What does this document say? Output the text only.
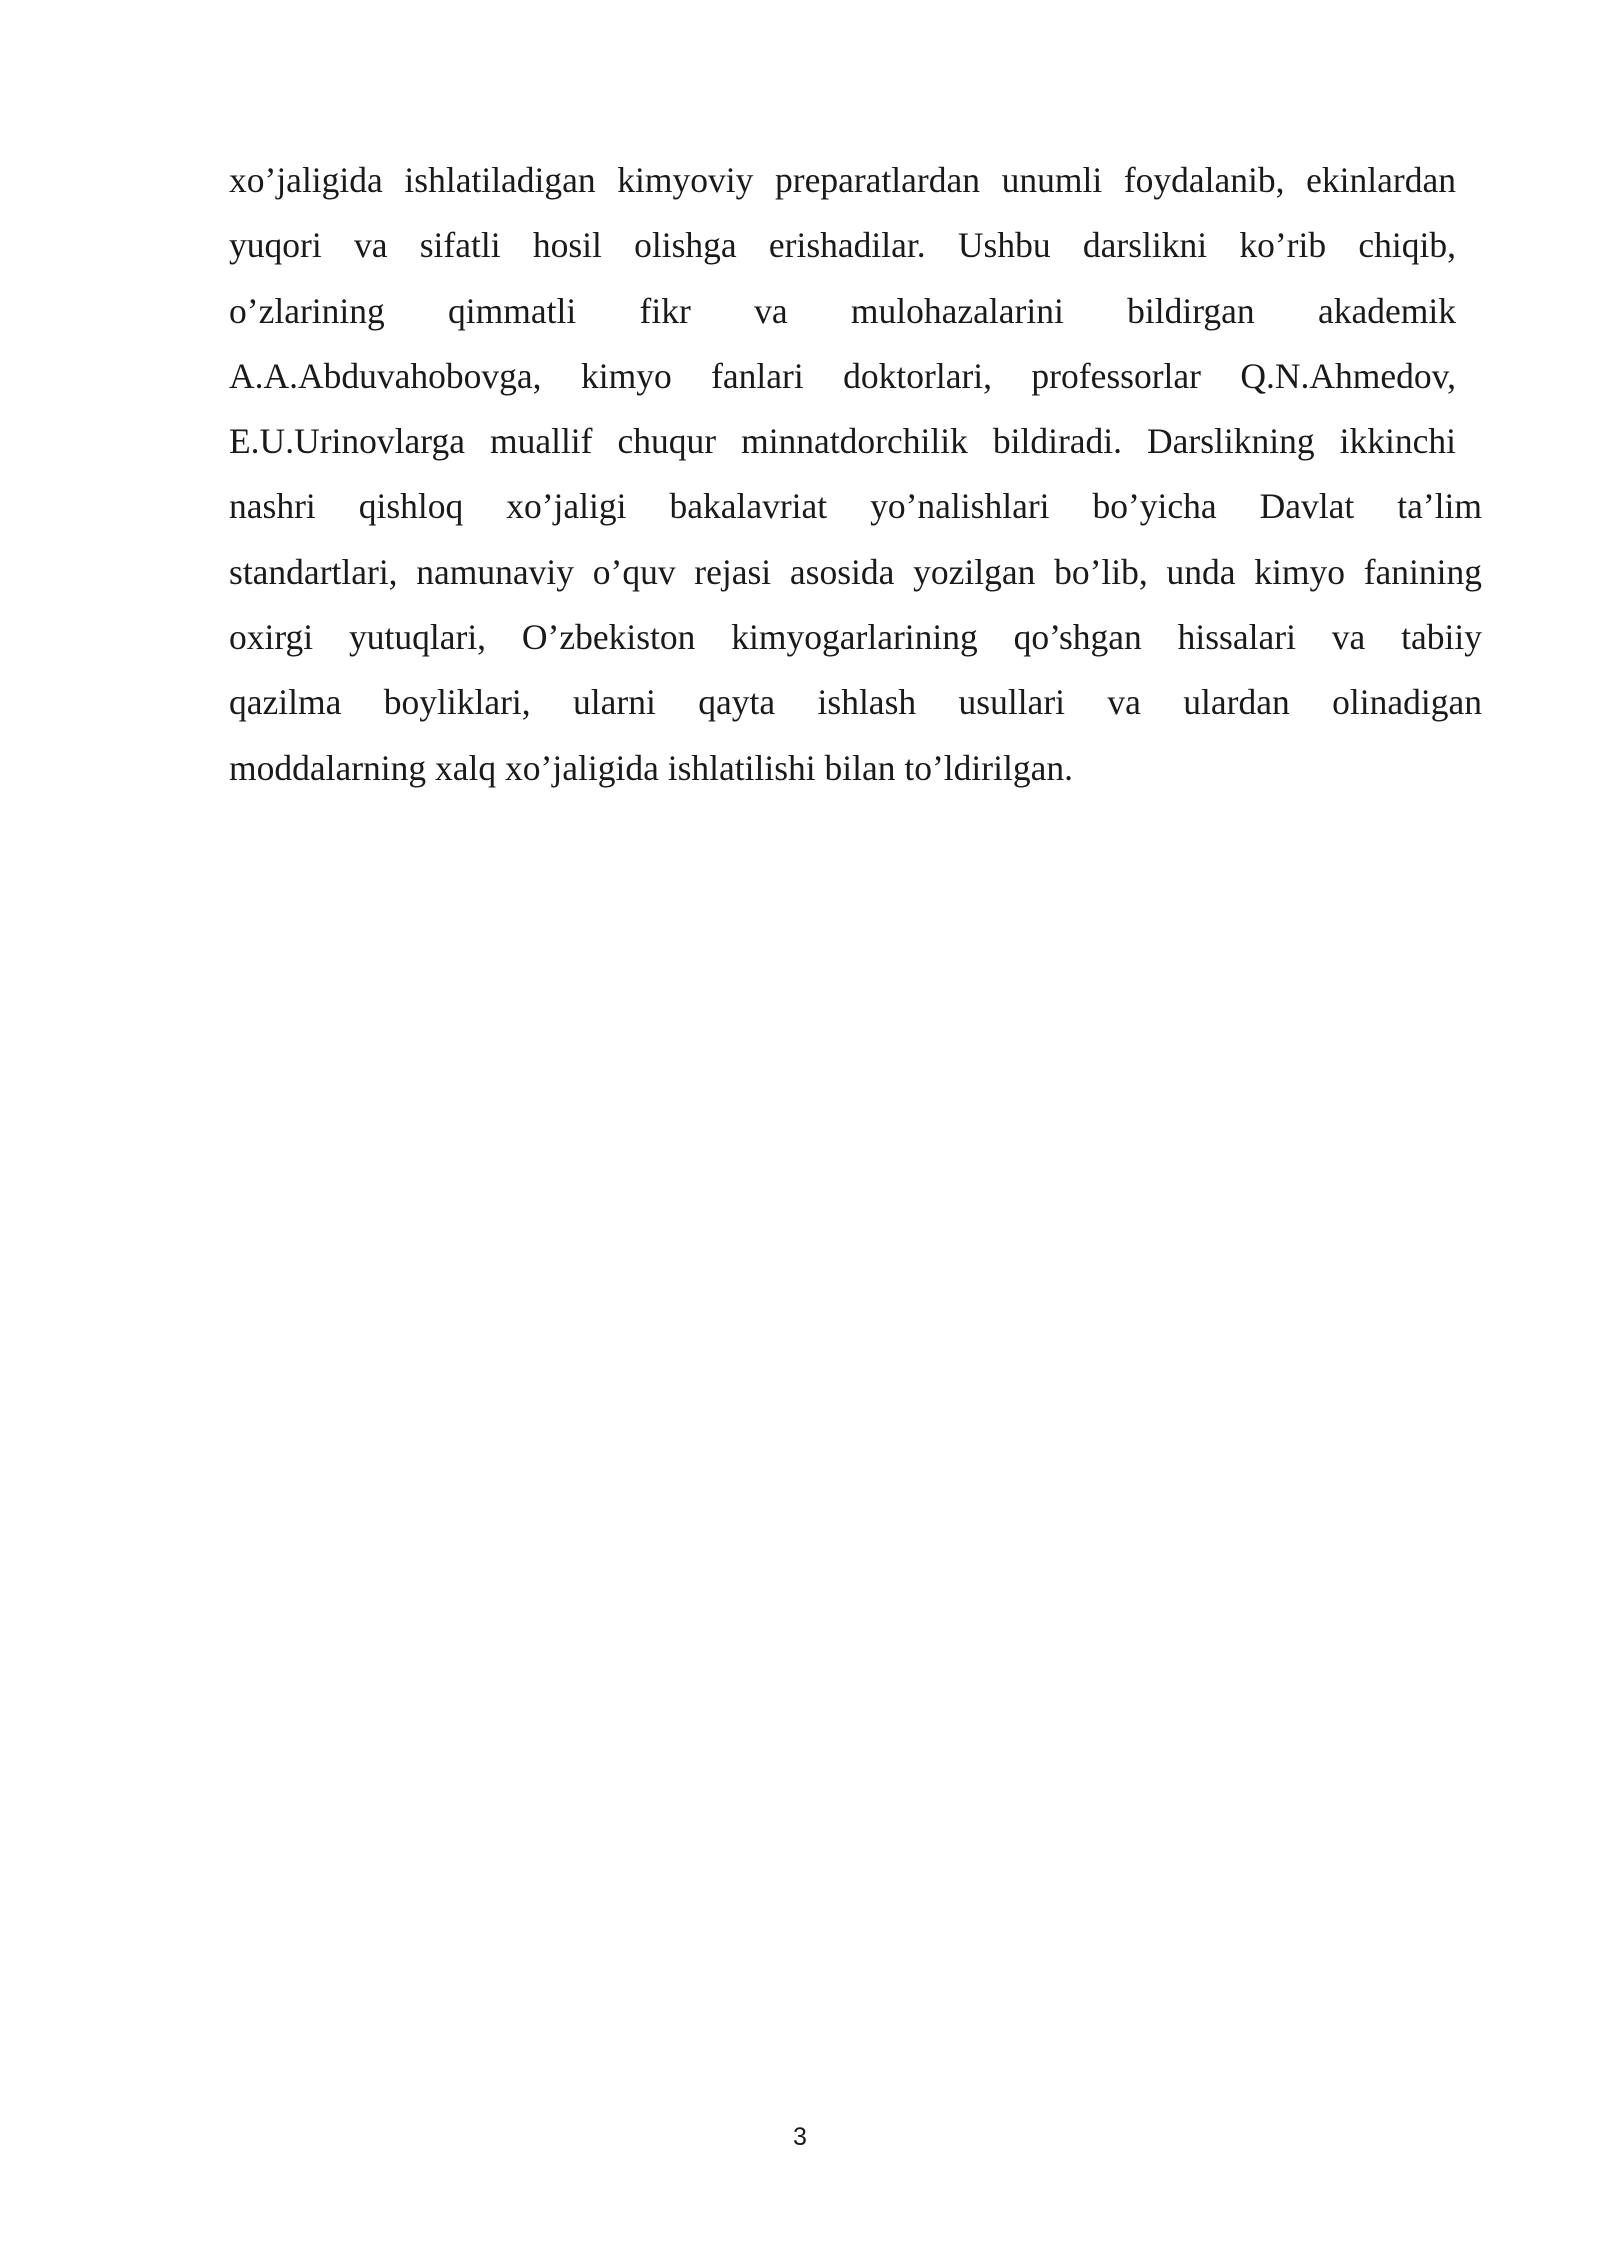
xo’jaligida ishlatiladigan kimyoviy preparatlardan unumli foydalanib, ekinlardan
yuqori va sifatli hosil olishga erishadilar. Ushbu darslikni ko’rib chiqib,
o’zlarining qimmatli fikr va mulohazalarini bildirgan akademik
A.A.Abduvahobovga, kimyo fanlari doktorlari, professorlar Q.N.Ahmedov,
E.U.Urinovlarga muallif chuqur minnatdorchilik bildiradi. Darslikning ikkinchi
nashri qishloq xo’jaligi bakalavriat yo’nalishlari bo’yicha Davlat ta’lim
standartlari, namunaviy o’quv rejasi asosida yozilgan bo’lib, unda kimyo fanining
oxirgi yutuqlari, O’zbekiston kimyogarlarining qo’shgan hissalari va tabiiy
qazilma boyliklari, ularni qayta ishlash usullari va ulardan olinadigan
moddalarning xalq xo’jaligida ishlatilishi bilan to’ldirilgan.
3
